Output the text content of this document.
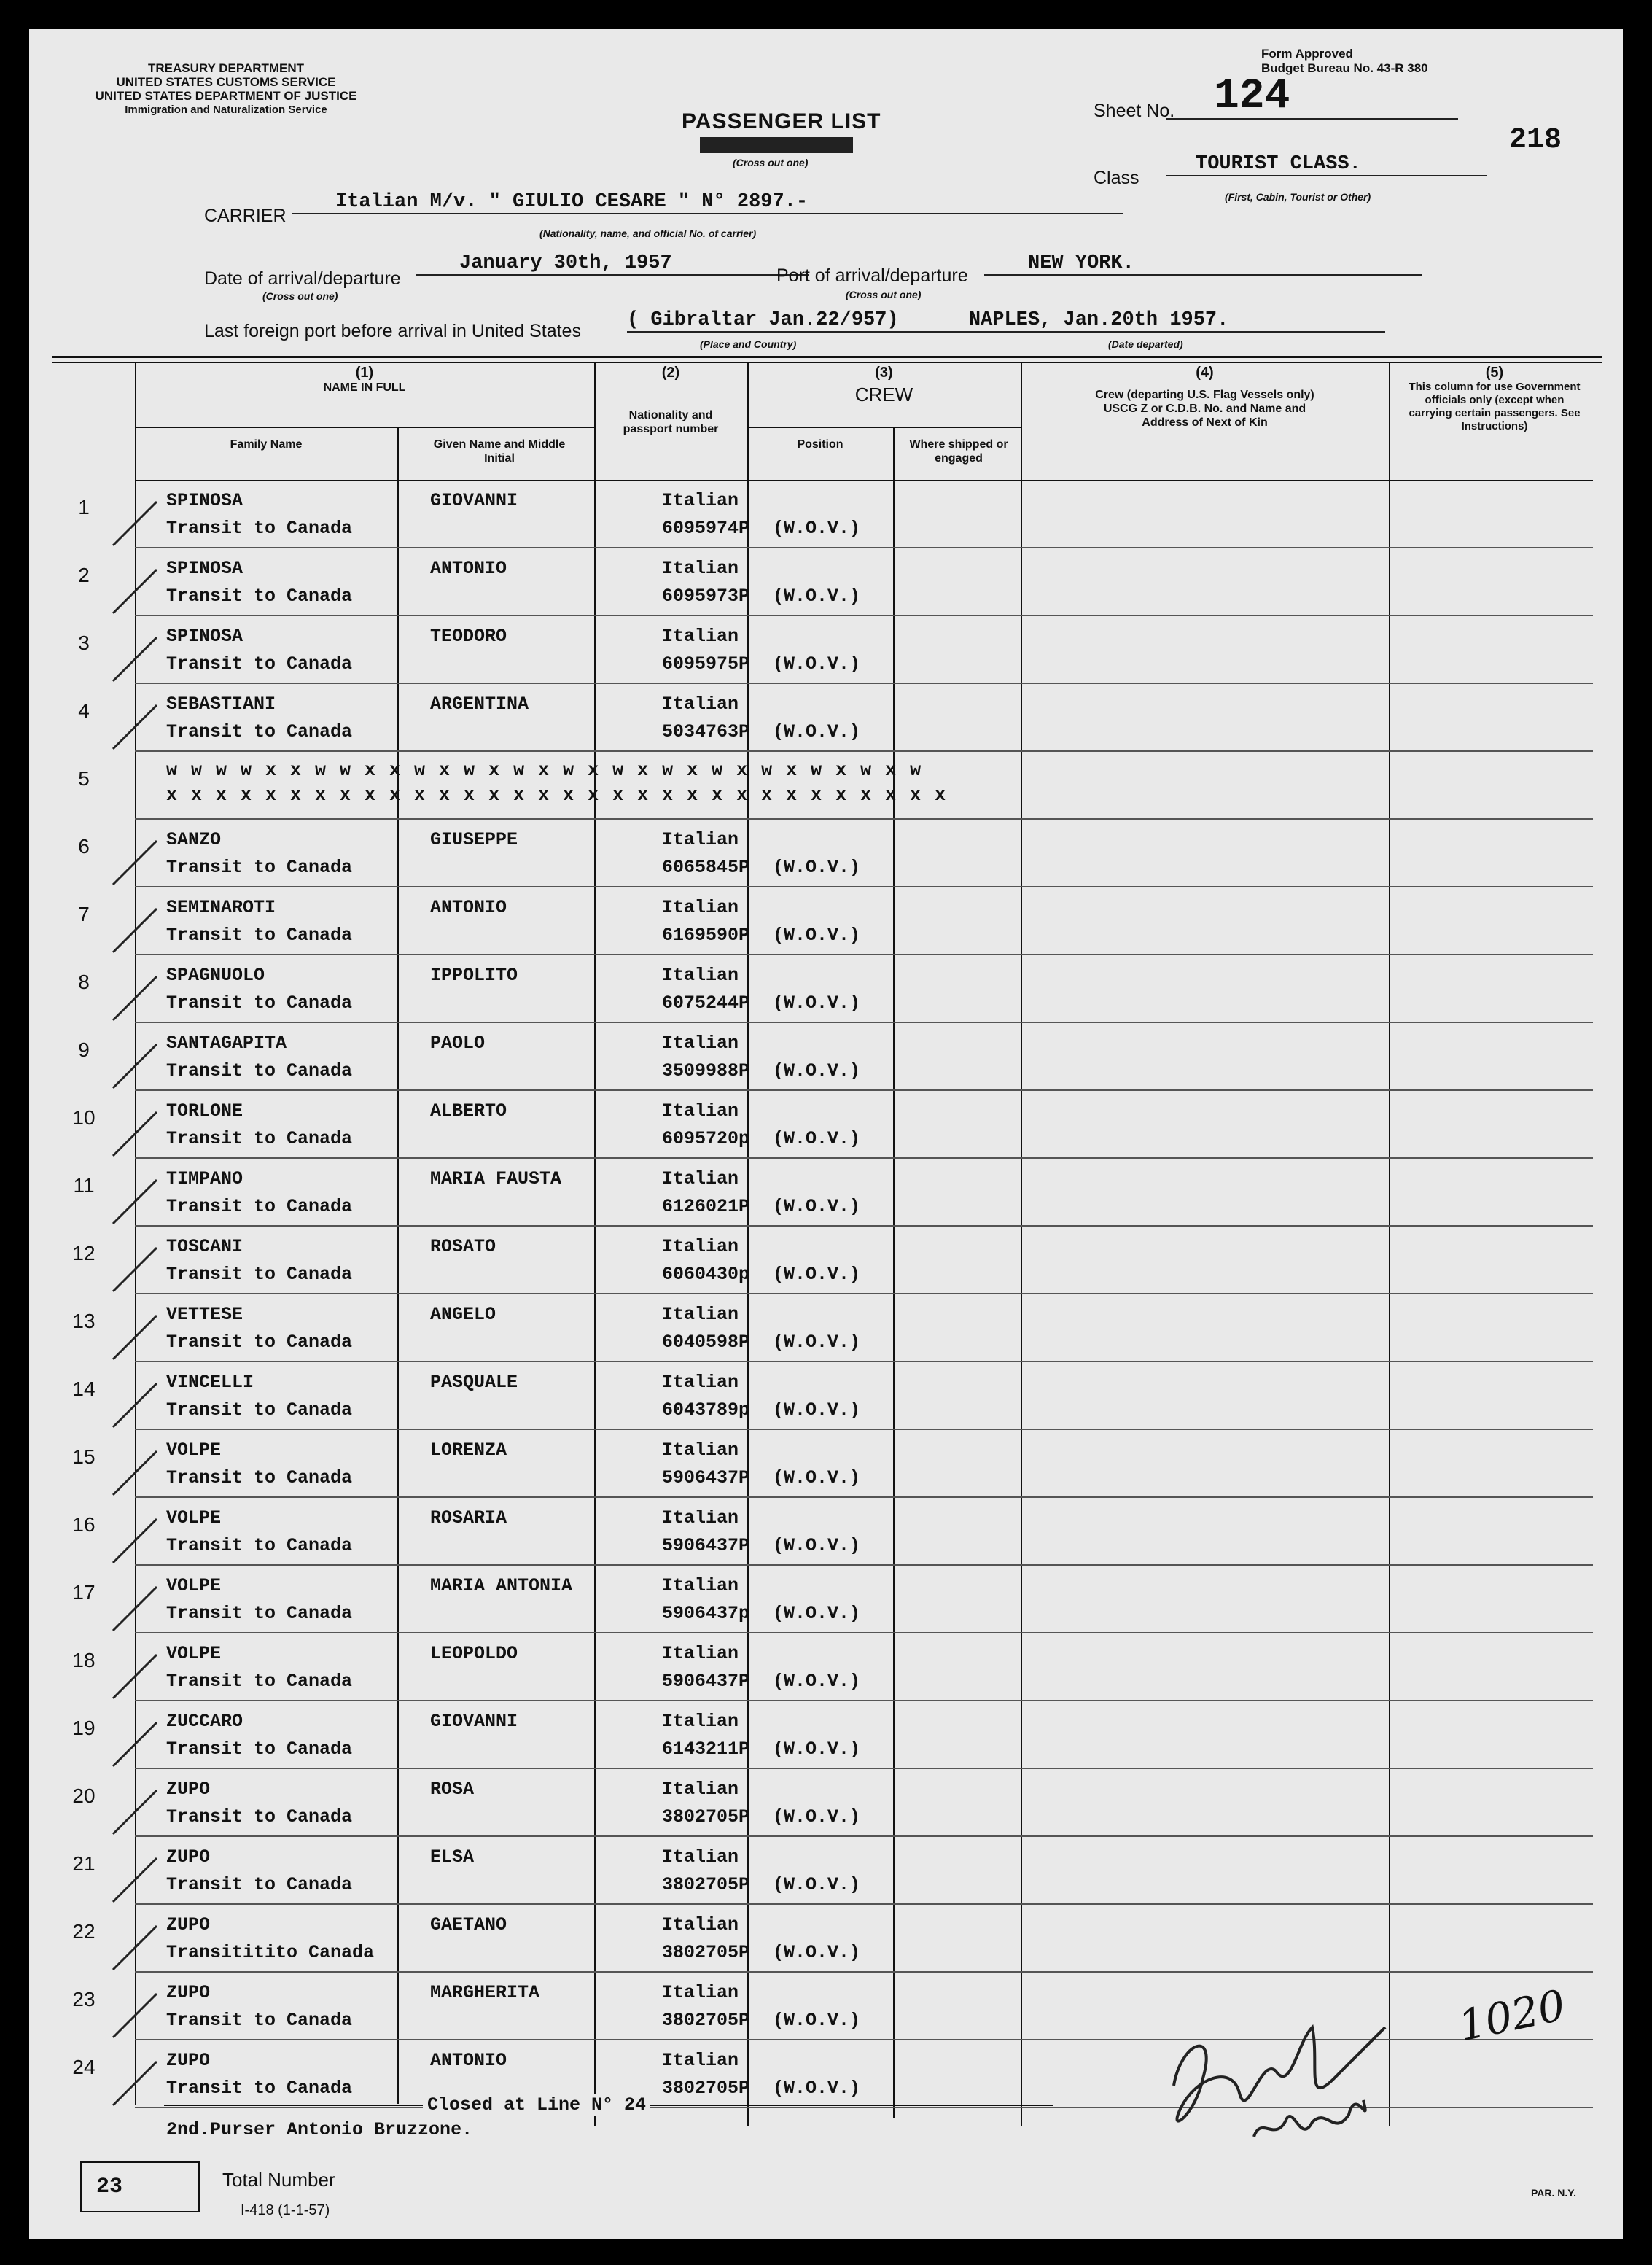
TREASURY DEPARTMENT
UNITED STATES CUSTOMS SERVICE
UNITED STATES DEPARTMENT OF JUSTICE
Immigration and Naturalization Service
Form Approved
Budget Bureau No. 43-R 380
PASSENGER LIST
(Cross out one)
Sheet No. 124
218
Class
TOURIST CLASS.
(First, Cabin, Tourist or Other)
CARRIER
Italian M/v. " GIULIO CESARE " N° 2897.-
(Nationality, name, and official No. of carrier)
Date of arrival/departure
January 30th, 1957
(Cross out one)
Port of arrival/departure
NEW YORK.
(Cross out one)
Last foreign port before arrival in United States ( Gibraltar Jan.22/957)	NAPLES, Jan.20th 1957.
(Place and Country)	(Date departed)
(1)
NAME IN FULL
Family Name	Given Name and Middle Initial
(2)
Nationality and passport number
(3)
CREW
Position	Where shipped or engaged
(4)
Crew (departing U.S. Flag Vessels only) USCG Z or C.D.B. No. and Name and Address of Next of Kin
(5)
This column for use Government officials only (except when carrying certain passengers. See Instructions)
1	SPINOSA	GIOVANNI
Transit to Canada
Italian
6095974P (W.O.V.)
2	SPINOSA	ANTONIO
Transit to Canada
Italian
6095973P (W.O.V.)
3	SPINOSA	TEODORO
Transit to Canada
Italian
6095975P (W.O.V.)
4	SEBASTIANI	ARGENTINA
Transit to Canada
Italian
5034763P (W.O.V.)
5	w w w w x x w w x x w x w x w x w x w x w x w x w x w x w x w
x x x x x x x x x x x x x x x x x x x x x x x x x x x x x x x x
6	SANZO	GIUSEPPE
Transit to Canada
Italian
6065845P (W.O.V.)
7	SEMINAROTI	ANTONIO
Transit to Canada
Italian
6169590P (W.O.V.)
8	SPAGNUOLO	IPPOLITO
Transit to Canada
Italian
6075244P (W.O.V.)
9	SANTAGAPITA	PAOLO
Transit to Canada
Italian
3509988P (W.O.V.)
10	TORLONE	ALBERTO
Transit to Canada
Italian
6095720p (W.O.V.)
11	TIMPANO	MARIA FAUSTA
Transit to Canada
Italian
6126021P (W.O.V.)
12	TOSCANI	ROSATO
Transit to Canada
Italian
6060430p (W.O.V.)
13	VETTESE	ANGELO
Transit to Canada
Italian
6040598P (W.O.V.)
14	VINCELLI	PASQUALE
Transit to Canada
Italian
6043789p (W.O.V.)
15	VOLPE	LORENZA
Transit to Canada
Italian
5906437P (W.O.V.)
16	VOLPE	ROSARIA
Transit to Canada
Italian
5906437P (W.O.V.)
17	VOLPE	MARIA ANTONIA
Transit to Canada
Italian
5906437p (W.O.V.)
18	VOLPE	LEOPOLDO
Transit to Canada
Italian
5906437P (W.O.V.)
19	ZUCCARO	GIOVANNI
Transit to Canada
Italian
6143211P (W.O.V.)
20	ZUPO	ROSA
Transit to Canada
Italian
3802705P (W.O.V.)
21	ZUPO	ELSA
Transit to Canada
Italian
3802705P (W.O.V.)
22	ZUPO	GAETANO
Transititito Canada
Italian
3802705P (W.O.V.)
23	ZUPO	MARGHERITA
Transit to Canada
Italian
3802705P (W.O.V.)
24	ZUPO	ANTONIO
Transit to Canada
Italian
3802705P (W.O.V.)
Closed at Line N° 24
2nd.Purser Antonio Bruzzone.
23	Total Number
I-418 (1-1-57)
PAR. N.Y.
1020
